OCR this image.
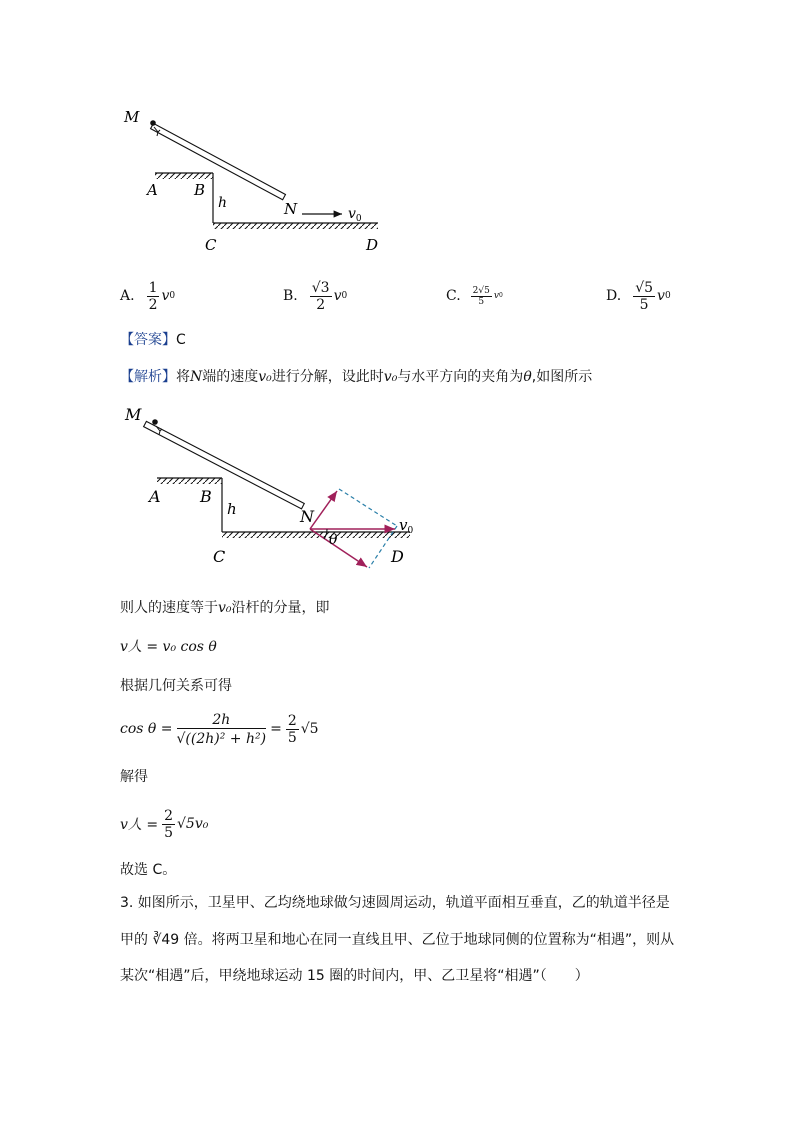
M
A B
h	N
C	D
$v_0$
A. $\frac{1}{2}$ v 0	B. $\frac{√3}{2}$ v 0	C. $\frac{2√5}{5}$ v 0	D. $\frac{√5}{5}$ v 0
【答案】C
【解析】将N端的速度v₀进行分解，设此时v₀与水平方向的夹角为θ,如图所示
M
A B
h	N
θ
C	D
$v_0$
则人的速度等于v₀沿杆的分量，即
v人 = v₀ cos θ
根据几何关系可得
$\cos \theta = \frac{2h}{\text{√((2h)² + h²)}} = \frac{2}{5} √5$
解得
v人 = $\frac{2}{5} √5v_0$
故选 C。
3. 如图所示，卫星甲、乙均绕地球做匀速圆周运动，轨道平面相互垂直，乙的轨道半径是
甲的 ∛49 倍。将两卫星和地心在同一直线且甲、乙位于地球同侧的位置称为“相遇”，则从
某次“相遇”后，甲绕地球运动 15 圈的时间内，甲、乙卫星将“相遇”（　　）
